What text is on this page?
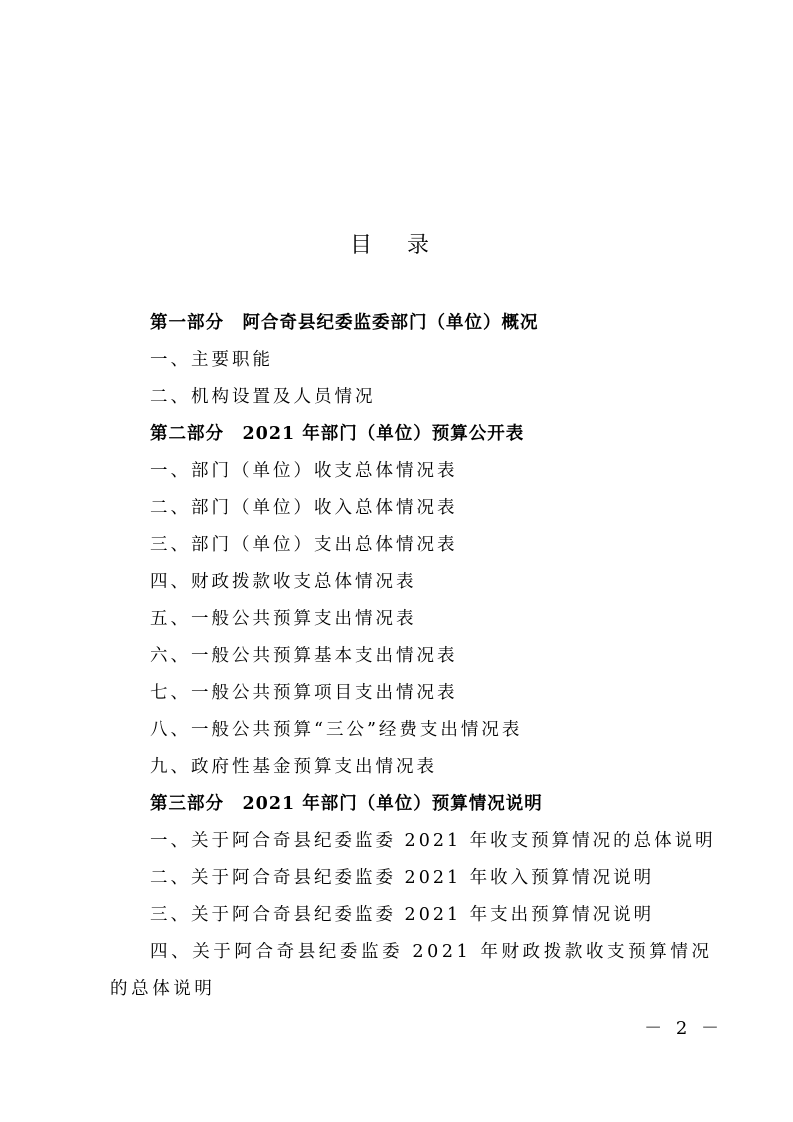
目 录
第一部分　阿合奇县纪委监委部门（单位）概况
一、主要职能
二、机构设置及人员情况
第二部分　2021 年部门（单位）预算公开表
一、部门（单位）收支总体情况表
二、部门（单位）收入总体情况表
三、部门（单位）支出总体情况表
四、财政拨款收支总体情况表
五、一般公共预算支出情况表
六、一般公共预算基本支出情况表
七、一般公共预算项目支出情况表
八、一般公共预算“三公”经费支出情况表
九、政府性基金预算支出情况表
第三部分　2021 年部门（单位）预算情况说明
一、关于阿合奇县纪委监委 2021 年收支预算情况的总体说明
二、关于阿合奇县纪委监委 2021 年收入预算情况说明
三、关于阿合奇县纪委监委 2021 年支出预算情况说明
四、关于阿合奇县纪委监委 2021 年财政拨款收支预算情况的总体说明
－ 2 －
